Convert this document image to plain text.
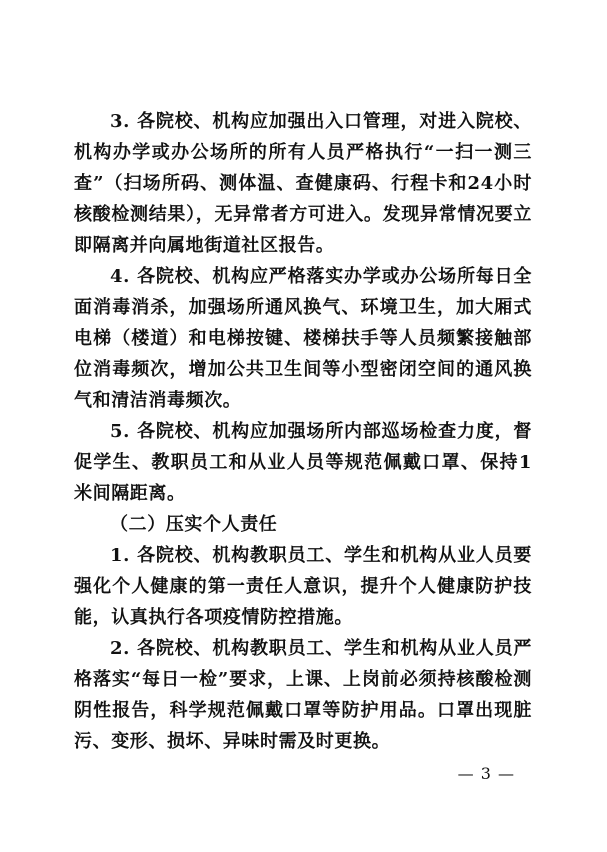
3. 各院校、机构应加强出入口管理，对进入院校、机构办学或办公场所的所有人员严格执行“一扫一测三查”（扫场所码、测体温、查健康码、行程卡和24小时核酸检测结果），无异常者方可进入。发现异常情况要立即隔离并向属地街道社区报告。

4. 各院校、机构应严格落实办学或办公场所每日全面消毒消杀，加强场所通风换气、环境卫生，加大厢式电梯（楼道）和电梯按键、楼梯扶手等人员频繁接触部位消毒频次，增加公共卫生间等小型密闭空间的通风换气和清洁消毒频次。

5. 各院校、机构应加强场所内部巡场检查力度，督促学生、教职员工和从业人员等规范佩戴口罩、保持1米间隔距离。

（二）压实个人责任

1. 各院校、机构教职员工、学生和机构从业人员要强化个人健康的第一责任人意识，提升个人健康防护技能，认真执行各项疫情防控措施。

2. 各院校、机构教职员工、学生和机构从业人员严格落实“每日一检”要求，上课、上岗前必须持核酸检测阴性报告，科学规范佩戴口罩等防护用品。口罩出现脏污、变形、损坏、异味时需及时更换。

— 3 —
